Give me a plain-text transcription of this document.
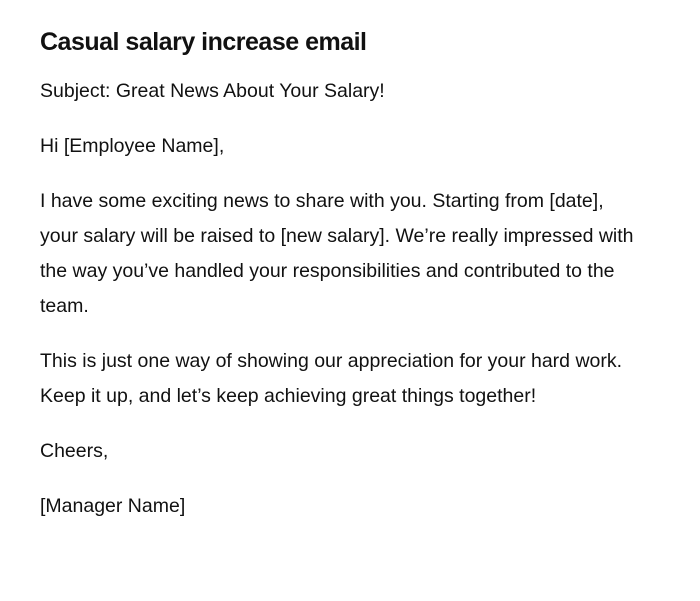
Casual salary increase email

Subject: Great News About Your Salary!

Hi [Employee Name],

I have some exciting news to share with you. Starting from [date], your salary will be raised to [new salary]. We’re really impressed with the way you’ve handled your responsibilities and contributed to the team.

This is just one way of showing our appreciation for your hard work. Keep it up, and let’s keep achieving great things together!

Cheers,

[Manager Name]
